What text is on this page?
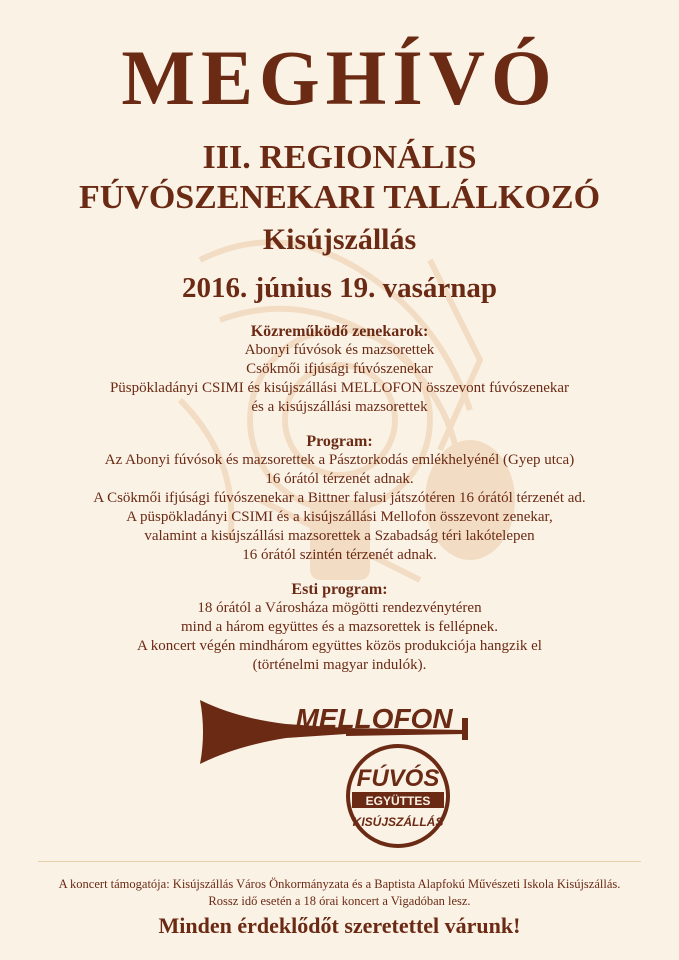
MEGHÍVÓ
III. REGIONÁLIS
FÚVÓSZENEKARI TALÁLKOZÓ
Kisújszállás
2016. június 19. vasárnap
Közreműködő zenekarok:
Abonyi fúvósok és mazsorettek
Csökmői ifjúsági fúvószenekar
Püspökladányi CSIMI és kisújszállási MELLOFON összevont fúvószenekar
és a kisújszállási mazsorettek
Program:
Az Abonyi fúvósok és mazsorettek a Pásztorkodás emlékhelyénél (Gyep utca)
16 órától térzenét adnak.
A Csökmői ifjúsági fúvószenekar a Bittner falusi játszótéren 16 órától térzenét ad.
A püspökladányi CSIMI és a kisújszállási Mellofon összevont zenekar,
valamint a kisújszállási mazsorettek a Szabadság téri lakótelepen
16 órától szintén térzenét adnak.
Esti program:
18 órától a Városháza mögötti rendezvénytéren
mind a három együttes és a mazsorettek is fellépnek.
A koncert végén mindhárom együttes közös produkciója hangzik el
(történelmi magyar indulók).
MELLOFON
FÚVÓS
EGYÜTTES
KISÚJSZÁLLÁS
A koncert támogatója: Kisújszállás Város Önkormányzata és a Baptista Alapfokú Művészeti Iskola Kisújszállás.
Rossz idő esetén a 18 órai koncert a Vigadóban lesz.
Minden érdeklődőt szeretettel várunk!
